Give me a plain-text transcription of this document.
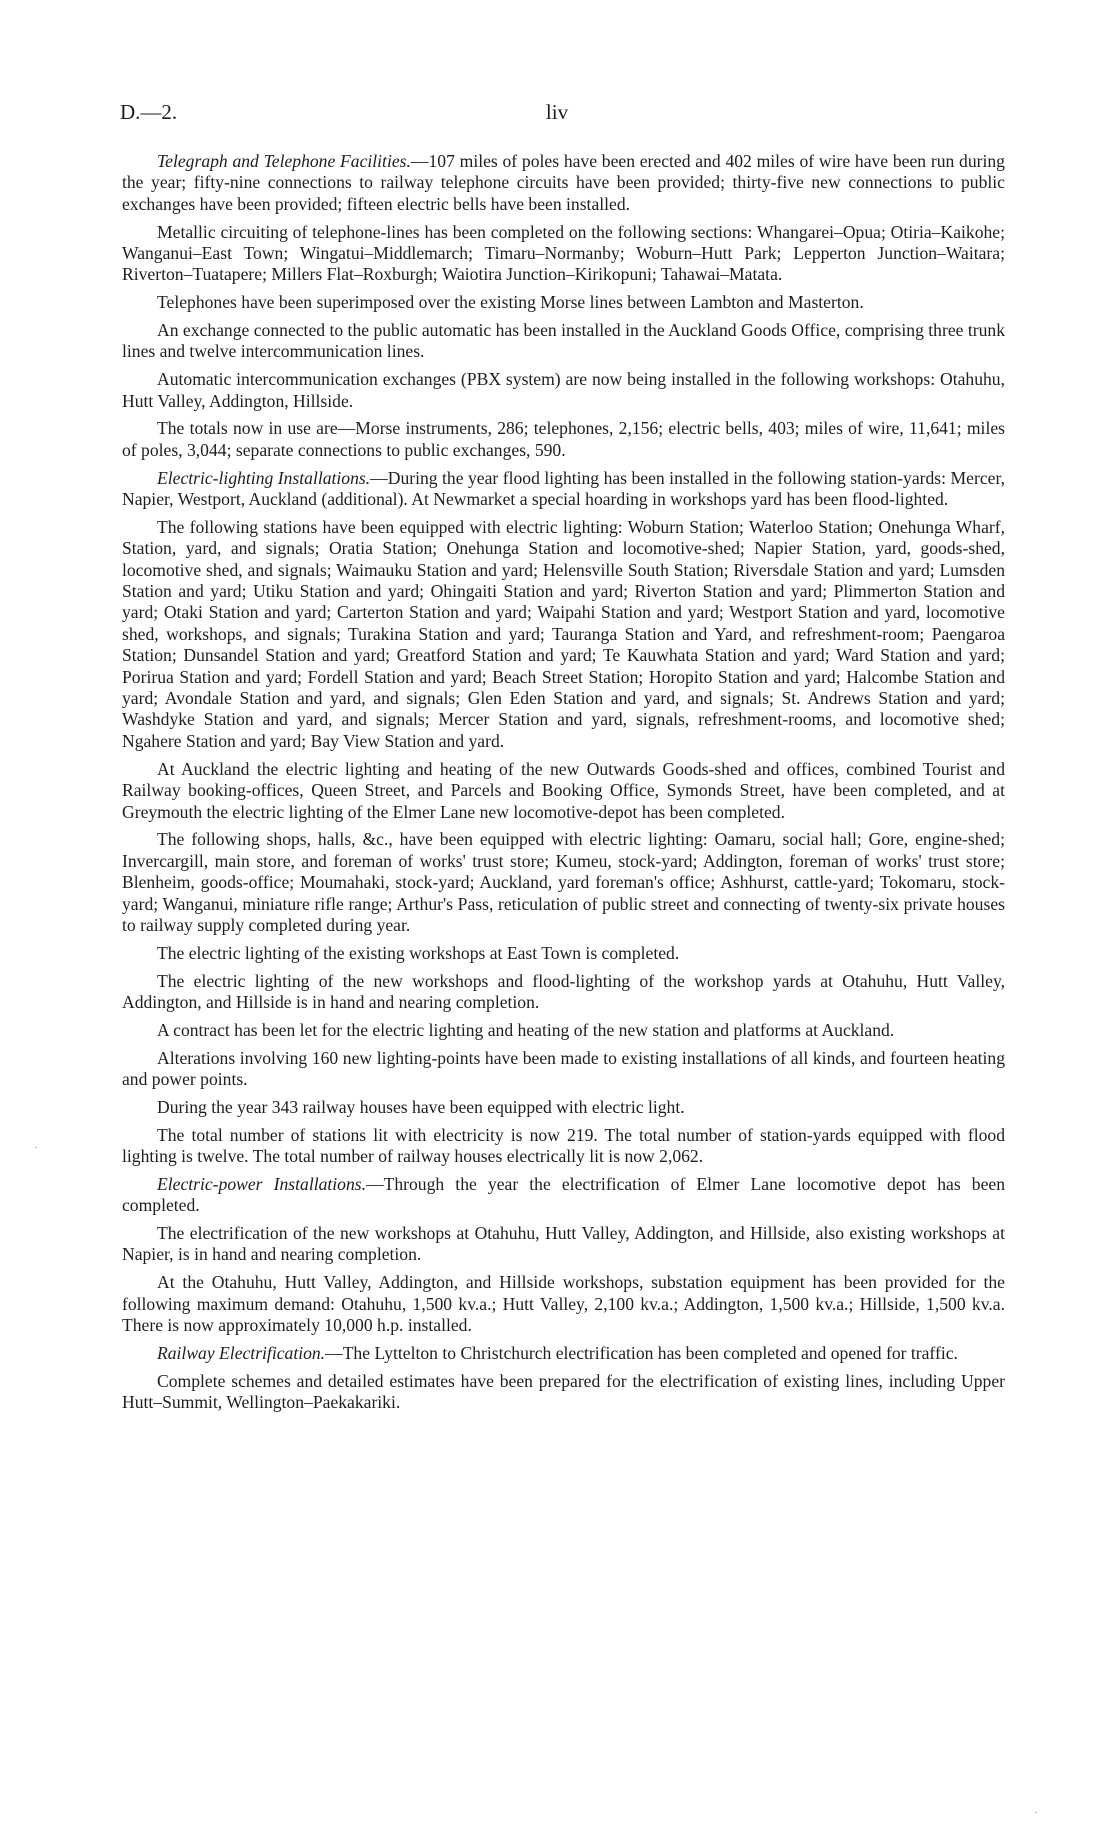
D.—2.	liv

Telegraph and Telephone Facilities.—107 miles of poles have been erected and 402 miles of wire have been run during the year; fifty-nine connections to railway telephone circuits have been provided; thirty-five new connections to public exchanges have been provided; fifteen electric bells have been installed.

Metallic circuiting of telephone-lines has been completed on the following sections: Whangarei–Opua; Otiria–Kaikohe; Wanganui–East Town; Wingatui–Middlemarch; Timaru–Normanby; Woburn–Hutt Park; Lepperton Junction–Waitara; Riverton–Tuatapere; Millers Flat–Roxburgh; Waiotira Junction–Kirikopuni; Tahawai–Matata.

Telephones have been superimposed over the existing Morse lines between Lambton and Masterton.

An exchange connected to the public automatic has been installed in the Auckland Goods Office, comprising three trunk lines and twelve intercommunication lines.

Automatic intercommunication exchanges (PBX system) are now being installed in the following workshops: Otahuhu, Hutt Valley, Addington, Hillside.

The totals now in use are—Morse instruments, 286; telephones, 2,156; electric bells, 403; miles of wire, 11,641; miles of poles, 3,044; separate connections to public exchanges, 590.

Electric-lighting Installations.—During the year flood lighting has been installed in the following station-yards: Mercer, Napier, Westport, Auckland (additional). At Newmarket a special hoarding in workshops yard has been flood-lighted.

The following stations have been equipped with electric lighting: Woburn Station; Waterloo Station; Onehunga Wharf, Station, yard, and signals; Oratia Station; Onehunga Station and locomotive-shed; Napier Station, yard, goods-shed, locomotive shed, and signals; Waimauku Station and yard; Helensville South Station; Riversdale Station and yard; Lumsden Station and yard; Utiku Station and yard; Ohingaiti Station and yard; Riverton Station and yard; Plimmerton Station and yard; Otaki Station and yard; Carterton Station and yard; Waipahi Station and yard; Westport Station and yard, locomotive shed, workshops, and signals; Turakina Station and yard; Tauranga Station and Yard, and refreshment-room; Paengaroa Station; Dunsandel Station and yard; Greatford Station and yard; Te Kauwhata Station and yard; Ward Station and yard; Porirua Station and yard; Fordell Station and yard; Beach Street Station; Horopito Station and yard; Halcombe Station and yard; Avondale Station and yard, and signals; Glen Eden Station and yard, and signals; St. Andrews Station and yard; Washdyke Station and yard, and signals; Mercer Station and yard, signals, refreshment-rooms, and locomotive shed; Ngahere Station and yard; Bay View Station and yard.

At Auckland the electric lighting and heating of the new Outwards Goods-shed and offices, combined Tourist and Railway booking-offices, Queen Street, and Parcels and Booking Office, Symonds Street, have been completed, and at Greymouth the electric lighting of the Elmer Lane new locomotive-depot has been completed.

The following shops, halls, &c., have been equipped with electric lighting: Oamaru, social hall; Gore, engine-shed; Invercargill, main store, and foreman of works' trust store; Kumeu, stock-yard; Addington, foreman of works' trust store; Blenheim, goods-office; Moumahaki, stock-yard; Auckland, yard foreman's office; Ashhurst, cattle-yard; Tokomaru, stock-yard; Wanganui, miniature rifle range; Arthur's Pass, reticulation of public street and connecting of twenty-six private houses to railway supply completed during year.

The electric lighting of the existing workshops at East Town is completed.

The electric lighting of the new workshops and flood-lighting of the workshop yards at Otahuhu, Hutt Valley, Addington, and Hillside is in hand and nearing completion.

A contract has been let for the electric lighting and heating of the new station and platforms at Auckland.

Alterations involving 160 new lighting-points have been made to existing installations of all kinds, and fourteen heating and power points.

During the year 343 railway houses have been equipped with electric light.

The total number of stations lit with electricity is now 219. The total number of station-yards equipped with flood lighting is twelve. The total number of railway houses electrically lit is now 2,062.

Electric-power Installations.—Through the year the electrification of Elmer Lane locomotive depot has been completed.

The electrification of the new workshops at Otahuhu, Hutt Valley, Addington, and Hillside, also existing workshops at Napier, is in hand and nearing completion.

At the Otahuhu, Hutt Valley, Addington, and Hillside workshops, substation equipment has been provided for the following maximum demand: Otahuhu, 1,500 kv.a.; Hutt Valley, 2,100 kv.a.; Addington, 1,500 kv.a.; Hillside, 1,500 kv.a. There is now approximately 10,000 h.p. installed.

Railway Electrification.—The Lyttelton to Christchurch electrification has been completed and opened for traffic.

Complete schemes and detailed estimates have been prepared for the electrification of existing lines, including Upper Hutt–Summit, Wellington–Paekakariki.

·
·
